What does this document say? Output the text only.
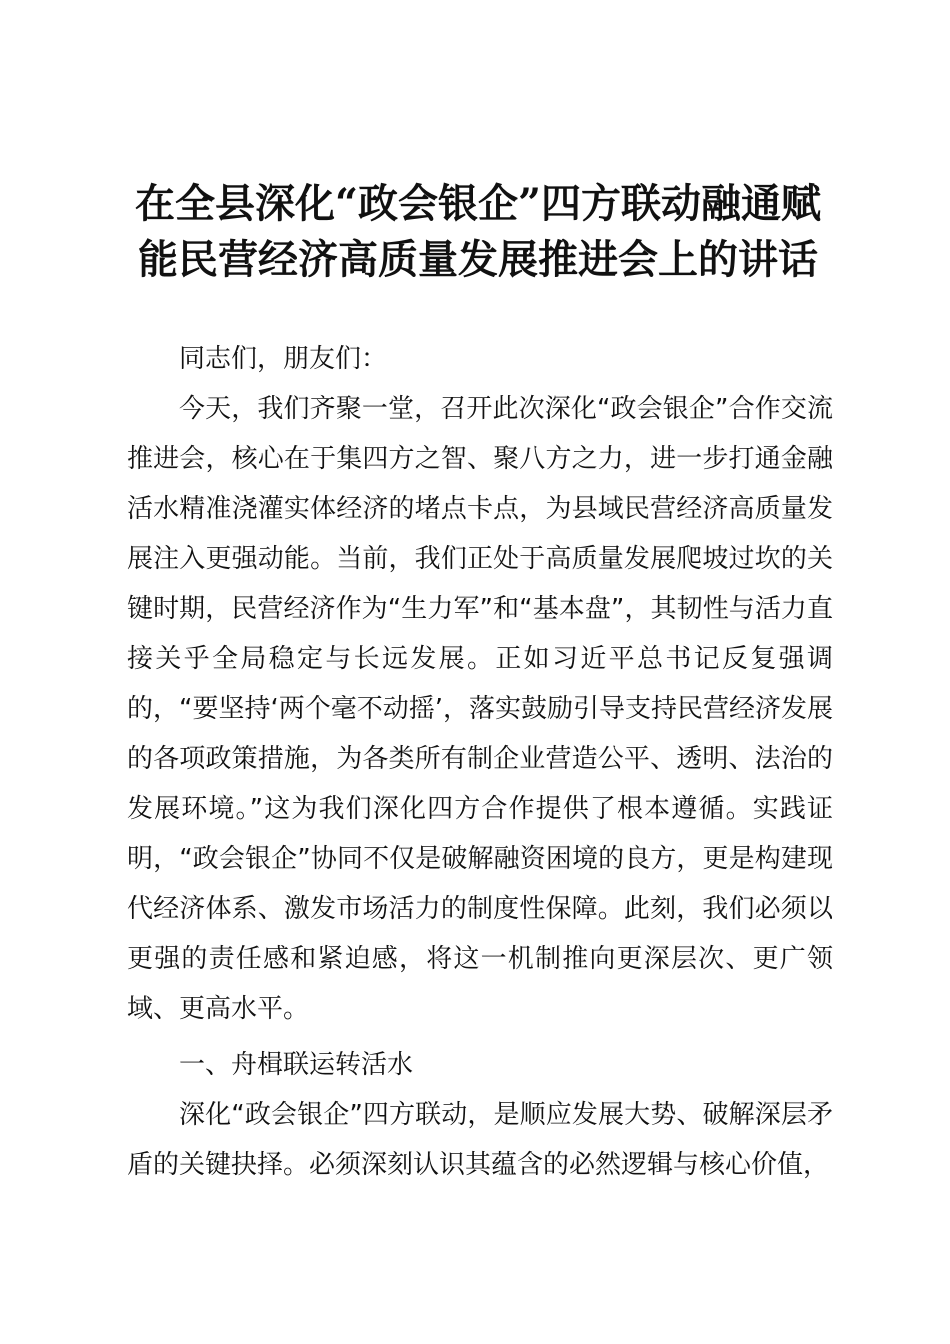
在全县深化“政会银企”四方联动融通赋能民营经济高质量发展推进会上的讲话

同志们，朋友们：

今天，我们齐聚一堂，召开此次深化“政会银企”合作交流推进会，核心在于集四方之智、聚八方之力，进一步打通金融活水精准浇灌实体经济的堵点卡点，为县域民营经济高质量发展注入更强动能。当前，我们正处于高质量发展爬坡过坎的关键时期，民营经济作为“生力军”和“基本盘”，其韧性与活力直接关乎全局稳定与长远发展。正如习近平总书记反复强调的，“要坚持‘两个毫不动摇’，落实鼓励引导支持民营经济发展的各项政策措施，为各类所有制企业营造公平、透明、法治的发展环境。”这为我们深化四方合作提供了根本遵循。实践证明，“政会银企”协同不仅是破解融资困境的良方，更是构建现代经济体系、激发市场活力的制度性保障。此刻，我们必须以更强的责任感和紧迫感，将这一机制推向更深层次、更广领域、更高水平。

一、舟楫联运转活水

深化“政会银企”四方联动，是顺应发展大势、破解深层矛盾的关键抉择。必须深刻认识其蕴含的必然逻辑与核心价值，
